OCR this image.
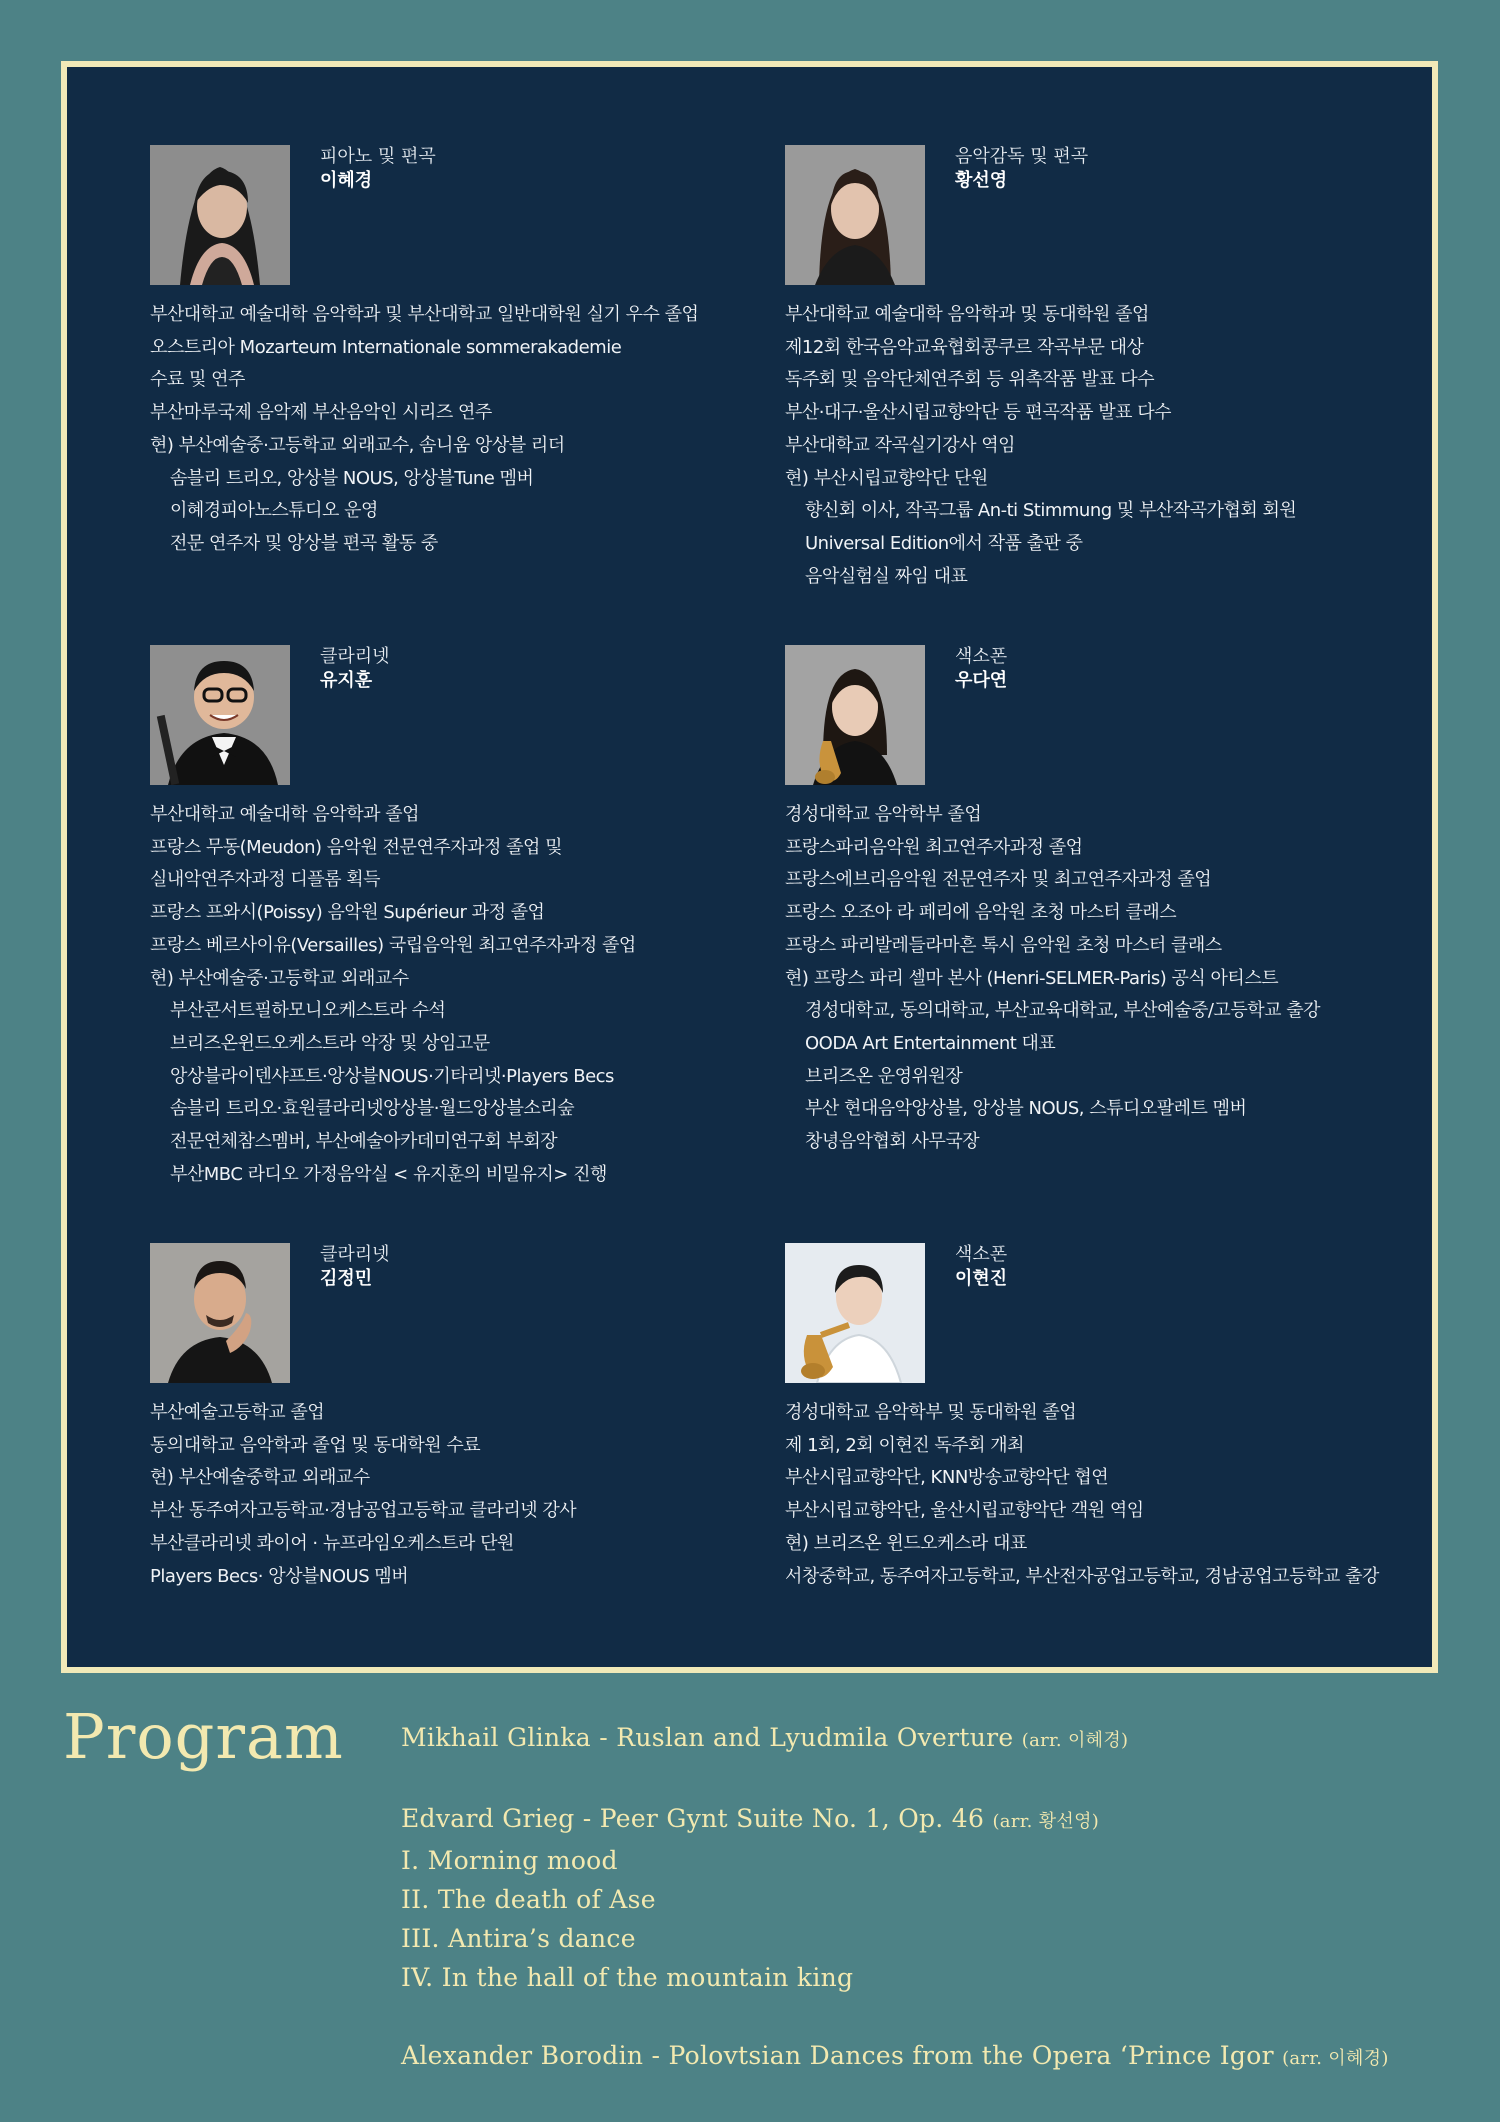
피아노 및 편곡
이혜경
부산대학교 예술대학 음악학과 및 부산대학교 일반대학원 실기 우수 졸업
오스트리아 Mozarteum Internationale sommerakademie
수료 및 연주
부산마루국제 음악제 부산음악인 시리즈 연주
현) 부산예술중·고등학교 외래교수, 솜니움 앙상블 리더
솜블리 트리오, 앙상블 NOUS, 앙상블Tune 멤버
이혜경피아노스튜디오 운영
전문 연주자 및 앙상블 편곡 활동 중
음악감독 및 편곡
황선영
부산대학교 예술대학 음악학과 및 동대학원 졸업
제12회 한국음악교육협회콩쿠르 작곡부문 대상
독주회 및 음악단체연주회 등 위촉작품 발표 다수
부산·대구·울산시립교향악단 등 편곡작품 발표 다수
부산대학교 작곡실기강사 역임
현) 부산시립교향악단 단원
향신회 이사, 작곡그룹 An-ti Stimmung 및 부산작곡가협회 회원
Universal Edition에서 작품 출판 중
음악실험실 짜임 대표
클라리넷
유지훈
부산대학교 예술대학 음악학과 졸업
프랑스 무동(Meudon) 음악원 전문연주자과정 졸업 및
실내악연주자과정 디플롬 획득
프랑스 프와시(Poissy) 음악원 Supérieur 과정 졸업
프랑스 베르사이유(Versailles) 국립음악원 최고연주자과정 졸업
현) 부산예술중·고등학교 외래교수
부산콘서트필하모니오케스트라 수석
브리즈온윈드오케스트라 악장 및 상임고문
앙상블라이덴샤프트·앙상블NOUS·기타리넷·Players Becs
솜블리 트리오·효원클라리넷앙상블·월드앙상블소리숲
전문연체참스멤버, 부산예술아카데미연구회 부회장
부산MBC 라디오 가정음악실 < 유지훈의 비밀유지> 진행
색소폰
우다연
경성대학교 음악학부 졸업
프랑스파리음악원 최고연주자과정 졸업
프랑스에브리음악원 전문연주자 및 최고연주자과정 졸업
프랑스 오조아 라 페리에 음악원 초청 마스터 클래스
프랑스 파리발레들라마흔 톡시 음악원 초청 마스터 클래스
현) 프랑스 파리 셀마 본사 (Henri-SELMER-Paris) 공식 아티스트
경성대학교, 동의대학교, 부산교육대학교, 부산예술중/고등학교 출강
OODA Art Entertainment 대표
브리즈온 운영위원장
부산 현대음악앙상블, 앙상블 NOUS, 스튜디오팔레트 멤버
창녕음악협회 사무국장
클라리넷
김정민
부산예술고등학교 졸업
동의대학교 음악학과 졸업 및 동대학원 수료
현) 부산예술중학교 외래교수
부산 동주여자고등학교·경남공업고등학교 클라리넷 강사
부산클라리넷 콰이어 · 뉴프라임오케스트라 단원
Players Becs· 앙상블NOUS 멤버
색소폰
이현진
경성대학교 음악학부 및 동대학원 졸업
제 1회, 2회 이현진 독주회 개최
부산시립교향악단, KNN방송교향악단 협연
부산시립교향악단, 울산시립교향악단 객원 역임
현) 브리즈온 윈드오케스라 대표
서창중학교, 동주여자고등학교, 부산전자공업고등학교, 경남공업고등학교 출강
Program Mikhail Glinka - Ruslan and Lyudmila Overture (arr. 이혜경)
Edvard Grieg - Peer Gynt Suite No. 1, Op. 46 (arr. 황선영)
I. Morning mood
II. The death of Ase
III. Antira’s dance
IV. In the hall of the mountain king
Alexander Borodin - Polovtsian Dances from the Opera ‘Prince Igor (arr. 이혜경)
